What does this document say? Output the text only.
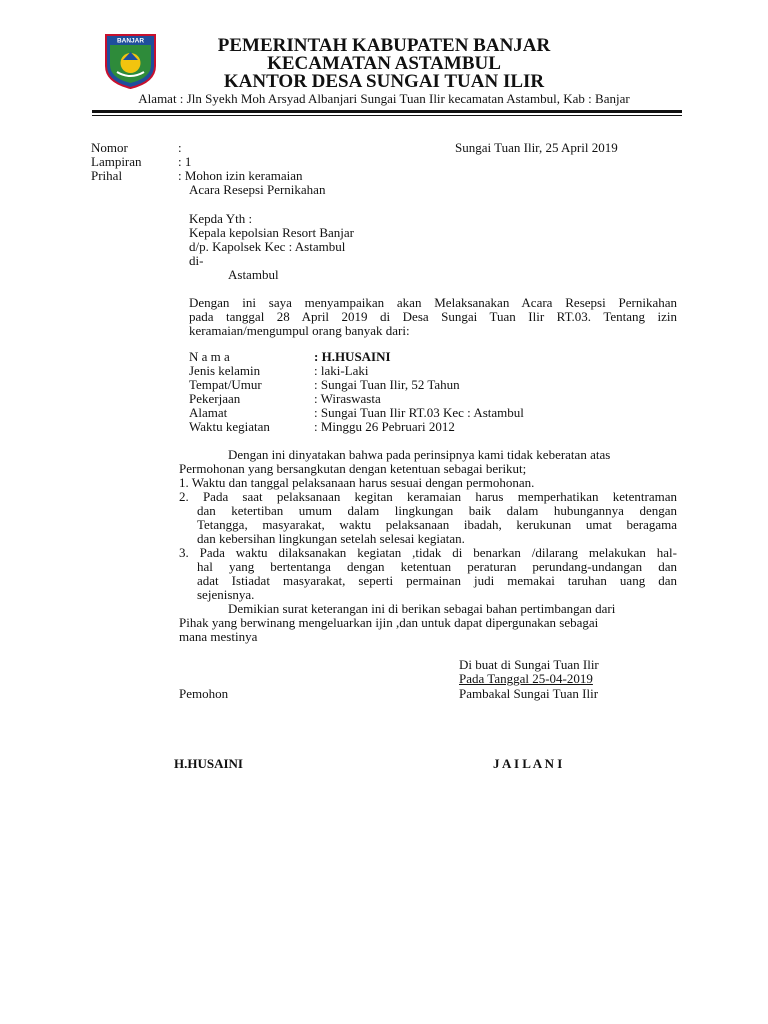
BANJAR	PEMERINTAH KABUPATEN BANJAR
KECAMATAN ASTAMBUL
KANTOR DESA SUNGAI TUAN ILIR
Alamat : Jln Syekh Moh Arsyad Albanjari Sungai Tuan Ilir kecamatan Astambul, Kab : Banjar
Nomor	:	Sungai Tuan Ilir, 25 April 2019
Lampiran	: 1
Prihal	: Mohon izin keramaian
Acara Resepsi Pernikahan
Kepda Yth :
Kepala kepolsian Resort Banjar
d/p. Kapolsek Kec : Astambul
di-
Astambul
Dengan ini saya menyampaikan akan Melaksanakan Acara Resepsi Pernikahan
pada tanggal 28 April 2019 di Desa Sungai Tuan Ilir RT.03. Tentang izin
keramaian/mengumpul orang banyak dari:
N a m a	: H.HUSAINI
Jenis kelamin	: laki-Laki
Tempat/Umur	: Sungai Tuan Ilir, 52 Tahun
Pekerjaan	: Wiraswasta
Alamat	: Sungai Tuan Ilir RT.03 Kec : Astambul
Waktu kegiatan	: Minggu 26 Pebruari 2012
Dengan ini dinyatakan bahwa pada perinsipnya kami tidak keberatan atas
Permohonan yang bersangkutan dengan ketentuan sebagai berikut;
1. Waktu dan tanggal pelaksanaan harus sesuai dengan permohonan.
2. Pada saat pelaksanaan kegitan keramaian harus memperhatikan ketentraman
dan ketertiban umum dalam lingkungan baik dalam hubungannya dengan
Tetangga, masyarakat, waktu pelaksanaan ibadah, kerukunan umat beragama
dan kebersihan lingkungan setelah selesai kegiatan.
3. Pada waktu dilaksanakan kegiatan ,tidak di benarkan /dilarang melakukan hal-
hal yang bertentanga dengan ketentuan peraturan perundang-undangan dan
adat Istiadat masyarakat, seperti permainan judi memakai taruhan uang dan
sejenisnya.
Demikian surat keterangan ini di berikan sebagai bahan pertimbangan dari
Pihak yang berwinang mengeluarkan ijin ,dan untuk dapat dipergunakan sebagai
mana mestinya
Di buat di Sungai Tuan Ilir
Pada Tanggal 25-04-2019
Pemohon	Pambakal Sungai Tuan Ilir
H.HUSAINI	J A I L A N I
